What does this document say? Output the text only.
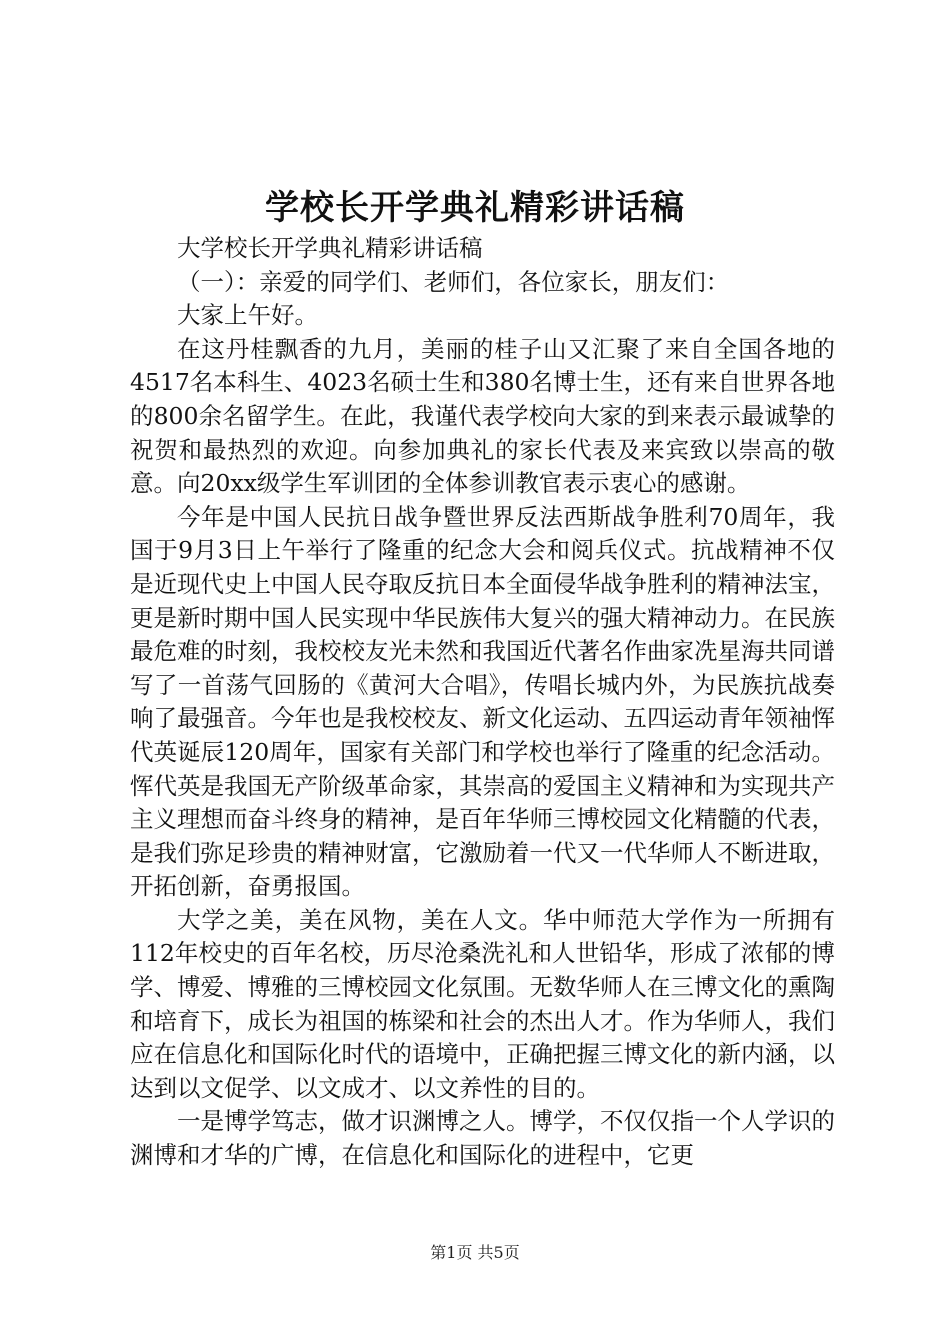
学校长开学典礼精彩讲话稿

大学校长开学典礼精彩讲话稿

（一）：亲爱的同学们、老师们，各位家长，朋友们：

大家上午好。

在这丹桂飘香的九月，美丽的桂子山又汇聚了来自全国各地的4517名本科生、4023名硕士生和380名博士生，还有来自世界各地的800余名留学生。在此，我谨代表学校向大家的到来表示最诚挚的祝贺和最热烈的欢迎。向参加典礼的家长代表及来宾致以崇高的敬意。向20xx级学生军训团的全体参训教官表示衷心的感谢。

今年是中国人民抗日战争暨世界反法西斯战争胜利70周年，我国于9月3日上午举行了隆重的纪念大会和阅兵仪式。抗战精神不仅是近现代史上中国人民夺取反抗日本全面侵华战争胜利的精神法宝，更是新时期中国人民实现中华民族伟大复兴的强大精神动力。在民族最危难的时刻，我校校友光未然和我国近代著名作曲家冼星海共同谱写了一首荡气回肠的《黄河大合唱》，传唱长城内外，为民族抗战奏响了最强音。今年也是我校校友、新文化运动、五四运动青年领袖恽代英诞辰120周年，国家有关部门和学校也举行了隆重的纪念活动。恽代英是我国无产阶级革命家，其崇高的爱国主义精神和为实现共产主义理想而奋斗终身的精神，是百年华师三博校园文化精髓的代表，是我们弥足珍贵的精神财富，它激励着一代又一代华师人不断进取，开拓创新，奋勇报国。

大学之美，美在风物，美在人文。华中师范大学作为一所拥有112年校史的百年名校，历尽沧桑洗礼和人世铅华，形成了浓郁的博学、博爱、博雅的三博校园文化氛围。无数华师人在三博文化的熏陶和培育下，成长为祖国的栋梁和社会的杰出人才。作为华师人，我们应在信息化和国际化时代的语境中，正确把握三博文化的新内涵，以达到以文促学、以文成才、以文养性的目的。

一是博学笃志，做才识渊博之人。博学，不仅仅指一个人学识的渊博和才华的广博，在信息化和国际化的进程中，它更

第1页 共5页
